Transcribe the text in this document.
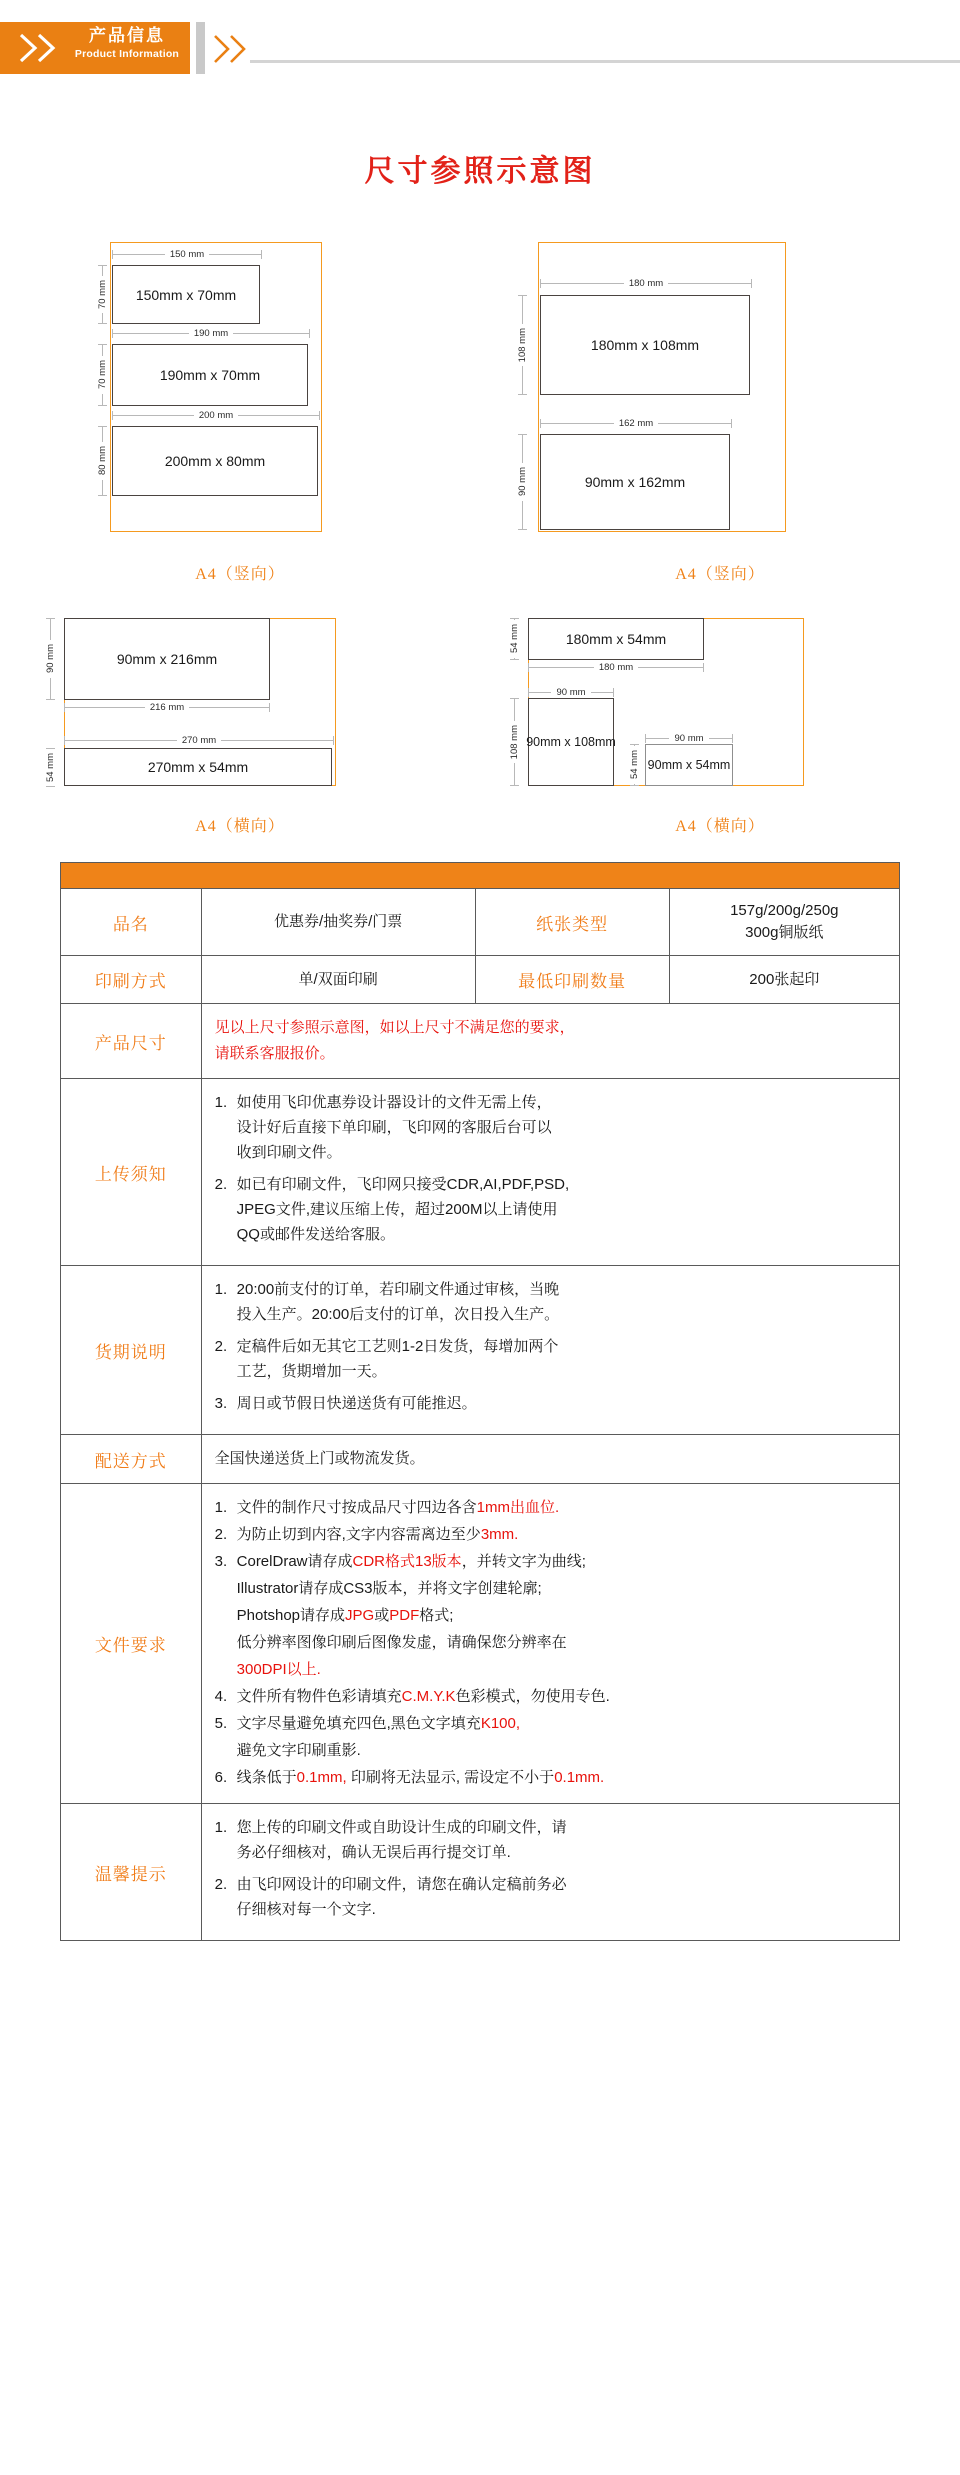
产品信息
Product Information
尺寸参照示意图
150 mm
70 mm	150mm x 70mm
190 mm
70 mm	190mm x 70mm
200 mm
80 mm	200mm x 80mm
A4（竖向）
180 mm
108 mm	180mm x 108mm
162 mm
90 mm	90mm x 162mm
A4（竖向）
90 mm	90mm x 216mm
216 mm
270 mm
54 mm	270mm x 54mm
A4（横向）
54 mm	180mm x 54mm
180 mm
90 mm
108 mm 90mm x 108mm	90 mm
54 mm 90mm x 54mm
A4（横向）

品名	优惠券/抽奖券/门票	纸张类型	157g/200g/250g
300g铜版纸

印刷方式	单/双面印刷	最低印刷数量	200张起印
产品尺寸	见以上尺寸参照示意图，如以上尺寸不满足您的要求，
请联系客服报价。		

上传须知	
1. 如使用飞印优惠券设计器设计的文件无需上传，
设计好后直接下单印刷，飞印网的客服后台可以
收到印刷文件。
2. 如已有印刷文件，飞印网只接受CDR,AI,PDF,PSD,
JPEG文件,建议压缩上传，超过200M以上请使用
QQ或邮件发送给客服。

货期说明	
1. 20:00前支付的订单，若印刷文件通过审核，当晚
投入生产。20:00后支付的订单，次日投入生产。
2. 定稿件后如无其它工艺则1-2日发货，每增加两个
工艺，货期增加一天。
3. 周日或节假日快递送货有可能推迟。

配送方式	全国快递送货上门或物流发货。		
文件要求	
1. 文件的制作尺寸按成品尺寸四边各含1mm出血位.
2. 为防止切到内容,文字内容需离边至少3mm.
3. CorelDraw请存成CDR格式13版本，并转文字为曲线;
Illustrator请存成CS3版本，并将文字创建轮廓;
Photshop请存成JPG或PDF格式;
低分辨率图像印刷后图像发虚，请确保您分辨率在
300DPI以上.
4. 文件所有物件色彩请填充C.M.Y.K色彩模式，勿使用专色.
5. 文字尽量避免填充四色,黑色文字填充K100,
避免文字印刷重影.
6. 线条低于0.1mm, 印刷将无法显示, 需设定不小于0.1mm.

温馨提示	
1. 您上传的印刷文件或自助设计生成的印刷文件，请
务必仔细核对，确认无误后再行提交订单.
2. 由飞印网设计的印刷文件，请您在确认定稿前务必
仔细核对每一个文字.
